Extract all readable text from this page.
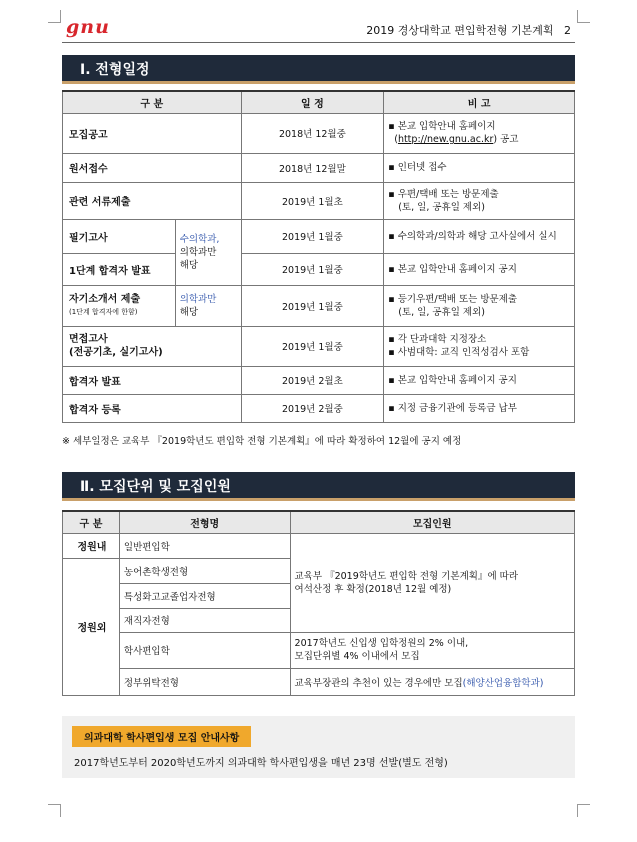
gnu	2019 경상대학교 편입학전형 기본계획 2
Ⅰ. 전형일정
구 분		일 정	비 고
모집공고		2018년 12월중	▪ 본교 입학안내 홈페이지
(http://new.gnu.ac.kr) 공고

원서접수		2018년 12월말	▪ 인터넷 접수

관련 서류제출		2019년 1월초	▪ 우편/택배 또는 방문제출
(토, 일, 공휴일 제외)

필기고사	수의학과,
의학과만
해당	2019년 1월중	▪ 수의학과/의학과 해당 고사실에서 실시

1단계 합격자 발표		2019년 1월중	▪ 본교 입학안내 홈페이지 공지

자기소개서 제출
(1단계 합격자에 한함)	의학과만
해당	2019년 1월중	▪ 등기우편/택배 또는 방문제출
(토, 일, 공휴일 제외)

면접고사
(전공기초, 실기고사)		2019년 1월중	▪ 각 단과대학 지정장소
▪ 사범대학: 교직 인적성검사 포함

합격자 발표		2019년 2월초	▪ 본교 입학안내 홈페이지 공지

합격자 등록		2019년 2월중	▪ 지정 금융기관에 등록금 납부
※ 세부일정은 교육부 『2019학년도 편입학 전형 기본계획』에 따라 확정하여 12월에 공지 예정
Ⅱ. 모집단위 및 모집인원
구 분	전형명	모집인원
정원내	일반편입학	교육부 『2019학년도 편입학 전형 기본계획』에 따라
여석산정 후 확정(2018년 12월 예정)

정원외	농어촌학생전형	
	특성화고교졸업자전형	
	재직자전형	
	학사편입학	2017학년도 신입생 입학정원의 2% 이내,
모집단위별 4% 이내에서 모집

	정부위탁전형	교육부장관의 추천이 있는 경우에만 모집(해양산업융합학과)
의과대학 학사편입생 모집 안내사항
2017학년도부터 2020학년도까지 의과대학 학사편입생을 매년 23명 선발(별도 전형)
